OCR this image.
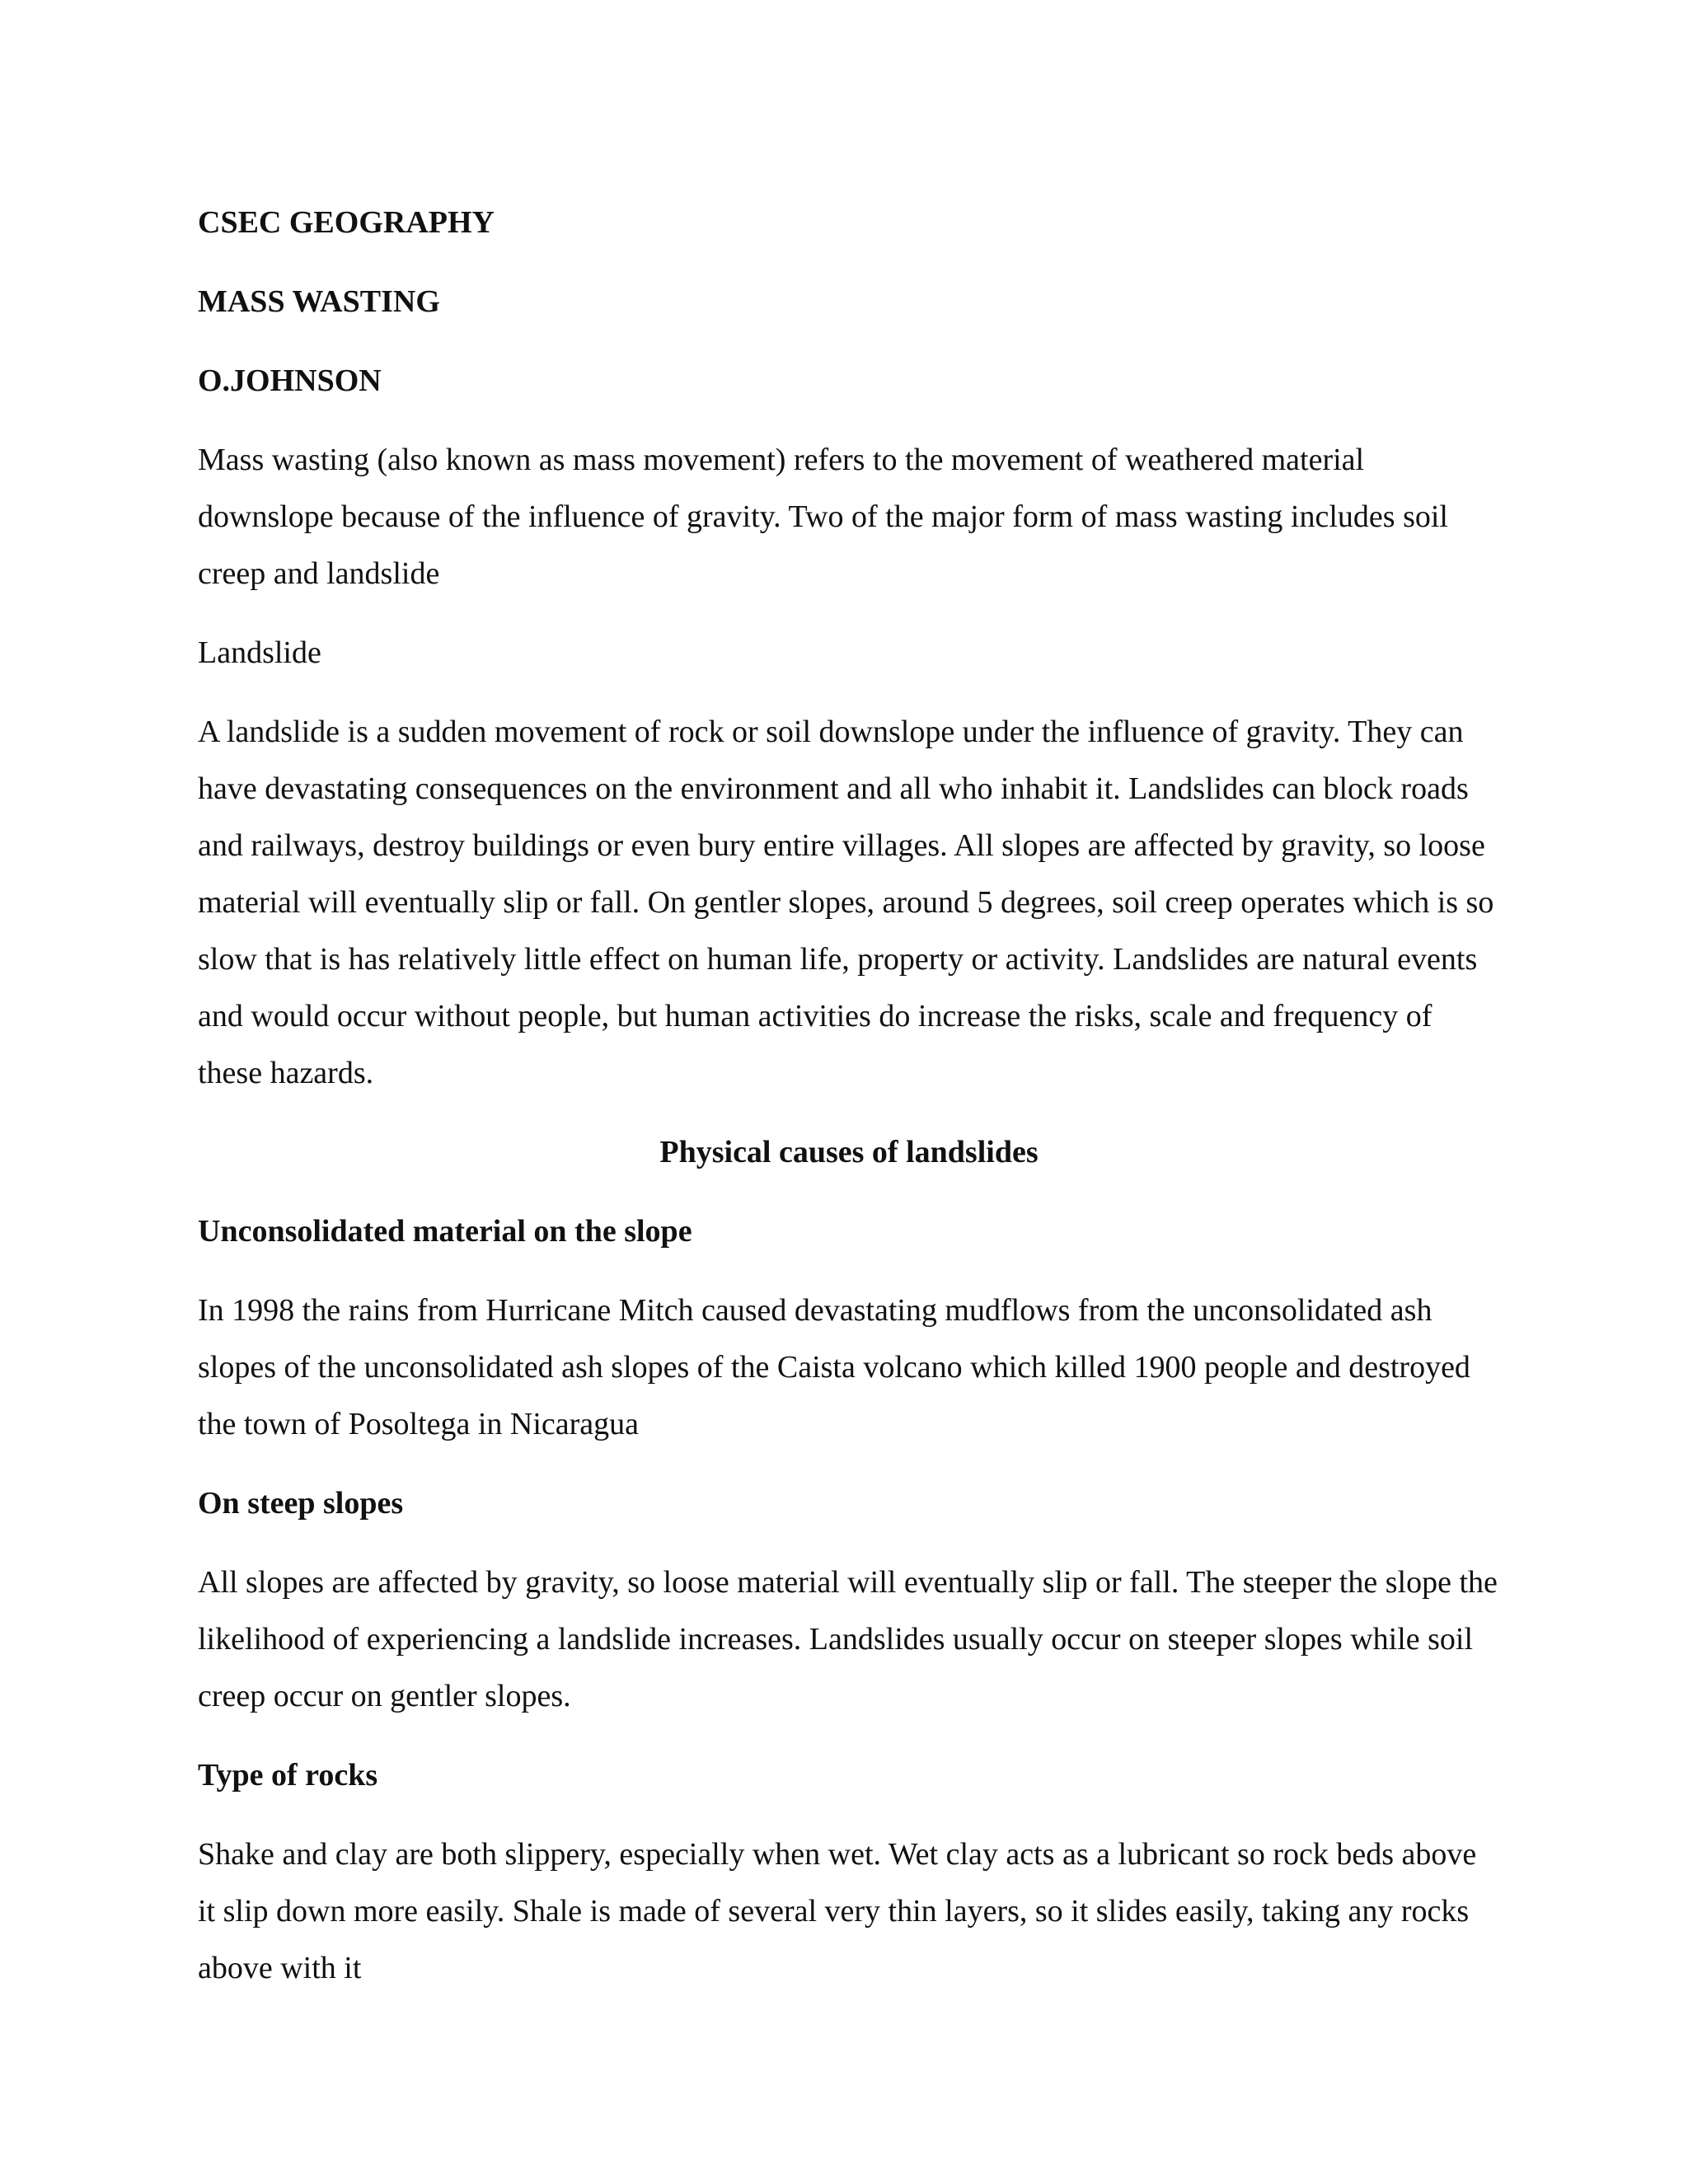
CSEC GEOGRAPHY

MASS WASTING

O.JOHNSON

Mass wasting (also known as mass movement) refers to the movement of weathered material downslope because of the influence of gravity. Two of the major form of mass wasting includes soil creep and landslide

Landslide

A landslide is a sudden movement of rock or soil downslope under the influence of gravity. They can have devastating consequences on the environment and all who inhabit it. Landslides can block roads and railways, destroy buildings or even bury entire villages. All slopes are affected by gravity, so loose material will eventually slip or fall. On gentler slopes, around 5 degrees, soil creep operates which is so slow that is has relatively little effect on human life, property or activity. Landslides are natural events and would occur without people, but human activities do increase the risks, scale and frequency of these hazards.

Physical causes of landslides

Unconsolidated material on the slope

In 1998 the rains from Hurricane Mitch caused devastating mudflows from the unconsolidated ash slopes of the unconsolidated ash slopes of the Caista volcano which killed 1900 people and destroyed the town of Posoltega in Nicaragua

On steep slopes

All slopes are affected by gravity, so loose material will eventually slip or fall. The steeper the slope the likelihood of experiencing a landslide increases. Landslides usually occur on steeper slopes while soil creep occur on gentler slopes.

Type of rocks

Shake and clay are both slippery, especially when wet. Wet clay acts as a lubricant so rock beds above it slip down more easily. Shale is made of several very thin layers, so it slides easily, taking any rocks above with it
